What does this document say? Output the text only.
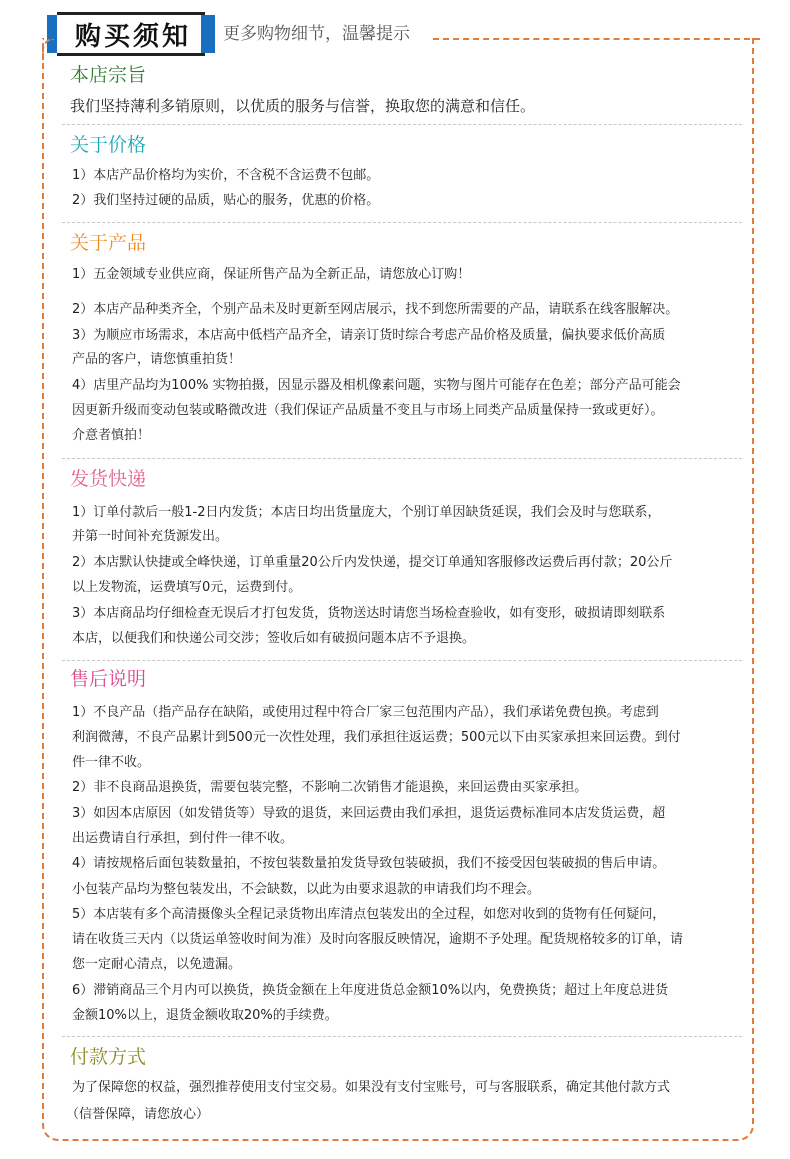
购买须知 更多购物细节，温馨提示
本店宗旨
我们坚持薄利多销原则，以优质的服务与信誉，换取您的满意和信任。
关于价格
1）本店产品价格均为实价，不含税不含运费不包邮。
2）我们坚持过硬的品质，贴心的服务，优惠的价格。
关于产品
1）五金领域专业供应商，保证所售产品为全新正品，请您放心订购！
2）本店产品种类齐全，个别产品未及时更新至网店展示，找不到您所需要的产品，请联系在线客服解决。
3）为顺应市场需求，本店高中低档产品齐全，请亲订货时综合考虑产品价格及质量，偏执要求低价高质
产品的客户，请您慎重拍货！
4）店里产品均为100% 实物拍摄，因显示器及相机像素问题，实物与图片可能存在色差；部分产品可能会
因更新升级而变动包装或略微改进（我们保证产品质量不变且与市场上同类产品质量保持一致或更好）。
介意者慎拍！
发货快递
1）订单付款后一般1-2日内发货；本店日均出货量庞大，个别订单因缺货延误，我们会及时与您联系，
并第一时间补充货源发出。
2）本店默认快捷或全峰快递，订单重量20公斤内发快递，提交订单通知客服修改运费后再付款；20公斤
以上发物流，运费填写0元，运费到付。
3）本店商品均仔细检查无误后才打包发货，货物送达时请您当场检查验收，如有变形，破损请即刻联系
本店，以便我们和快递公司交涉；签收后如有破损问题本店不予退换。
售后说明
1）不良产品（指产品存在缺陷，或使用过程中符合厂家三包范围内产品），我们承诺免费包换。考虑到
利润微薄，不良产品累计到500元一次性处理，我们承担往返运费；500元以下由买家承担来回运费。到付
件一律不收。
2）非不良商品退换货，需要包装完整，不影响二次销售才能退换，来回运费由买家承担。
3）如因本店原因（如发错货等）导致的退货，来回运费由我们承担，退货运费标准同本店发货运费，超
出运费请自行承担，到付件一律不收。
4）请按规格后面包装数量拍，不按包装数量拍发货导致包装破损，我们不接受因包装破损的售后申请。
小包装产品均为整包装发出，不会缺数，以此为由要求退款的申请我们均不理会。
5）本店装有多个高清摄像头全程记录货物出库清点包装发出的全过程，如您对收到的货物有任何疑问，
请在收货三天内（以货运单签收时间为准）及时向客服反映情况，逾期不予处理。配货规格较多的订单，请
您一定耐心清点，以免遗漏。
6）滞销商品三个月内可以换货，换货金额在上年度进货总金额10%以内，免费换货；超过上年度总进货
金额10%以上，退货金额收取20%的手续费。
付款方式
为了保障您的权益，强烈推荐使用支付宝交易。如果没有支付宝账号，可与客服联系，确定其他付款方式
（信誉保障，请您放心）
